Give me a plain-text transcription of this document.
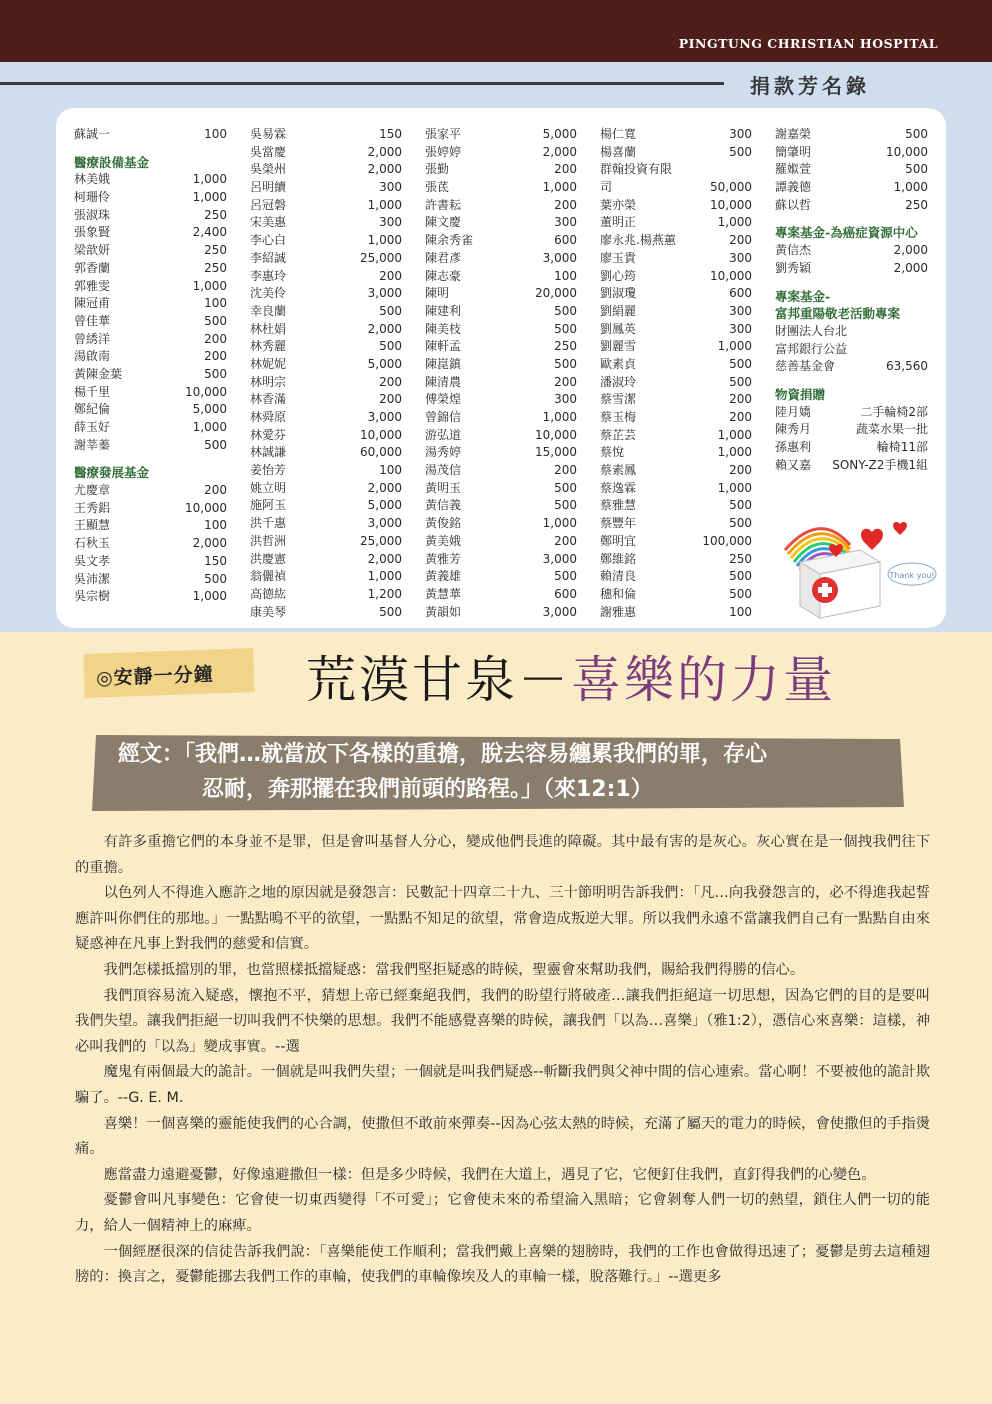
PINGTUNG CHRISTIAN HOSPITAL
捐款芳名錄
蘇誠一	100
醫療設備基金
林美娥	1,000
柯珊伶	1,000
張淑珠	250
張象賢	2,400
梁歆妍	250
郭香蘭	250
郭雅雯	1,000
陳冠甫	100
曾佳華	500
曾綉洋	200
湯啟南	200
黃陳金葉	500
楊千里	10,000
鄭紀倫	5,000
薛玉好	1,000
謝莘蓁	500
醫療發展基金
尤慶章	200
王秀鋁	10,000
王顯慧	100
石秋玉	2,000
吳文孝	150
吳沛潔	500
吳宗樹	1,000
吳易霖	150
吳當慶	2,000
吳榮州	2,000
呂明續	300
呂冠磐	1,000
宋美惠	300
李心白	1,000
李紹誠	25,000
李惠玲	200
沈美伶	3,000
幸良蘭	500
林杜娟	2,000
林秀麗	500
林妮妮	5,000
林明宗	200
林香滿	200
林舜原	3,000
林愛芬	10,000
林誠謙	60,000
姜怡芳	100
姚立明	2,000
施阿玉	5,000
洪千惠	3,000
洪哲洲	25,000
洪慶憲	2,000
翁儷禎	1,000
高德紘	1,200
康美琴	500
張家平	5,000
張婷婷	2,000
張勤	200
張茋	1,000
許書耘	200
陳文慶	300
陳余秀雀	600
陳君彥	3,000
陳志豪	100
陳明	20,000
陳建利	500
陳美枝	500
陳軒孟	250
陳崑鎮	500
陳清農	200
傅榮煌	300
曾錦信	1,000
游弘道	10,000
湯秀婷	15,000
湯茂信	200
黃明玉	500
黃信義	500
黃俊銘	1,000
黃美娥	200
黃雅芳	3,000
黃義雄	500
黃慧華	600
黃韻如	3,000
楊仁寬	300
楊喜蘭	500
群翰投資有限
司	50,000
葉亦榮	10,000
董明正	1,000
廖永兆.楊燕蕙	200
廖玉貴	300
劉心筠	10,000
劉淑瓊	600
劉絹麗	300
劉鳳英	300
劉麗雪	1,000
歐素貞	500
潘淑玲	500
蔡雪潔	200
蔡玉梅	200
蔡芷芸	1,000
蔡悅	1,000
蔡素鳳	200
蔡逸霖	1,000
蔡雅慧	500
蔡豐年	500
鄭明宜	100,000
鄭維銘	250
賴清良	500
穗和倫	500
謝雅惠	100
謝嘉榮	500
簡肇明	10,000
羅娰萱	500
譚義德	1,000
蘇以哲	250
專案基金-為癌症資源中心
黃信杰	2,000
劉秀穎	2,000
專案基金-
富邦重陽敬老活動專案
財團法人台北
富邦銀行公益
慈善基金會	63,560
物資捐贈
陸月嬌	二手輪椅2部
陳秀月	蔬菜水果一批
孫惠利	輪椅11部
賴又嘉 SONY-Z2手機1組
Thank you!
◎安靜一分鐘 荒漠甘泉－喜樂的力量
經文：「我們…就當放下各樣的重擔，脫去容易纏累我們的罪，存心
忍耐，奔那擺在我們前頭的路程。」（來12:1）

有許多重擔它們的本身並不是罪，但是會叫基督人分心，變成他們長進的障礙。其中最有害的是灰心。灰心實在是一個拽我們往下的重擔。

以色列人不得進入應許之地的原因就是發怨言：民數記十四章二十九、三十節明明告訴我們：「凡…向我發怨言的，必不得進我起誓應許叫你們住的那地。」一點點鳴不平的欲望，一點點不知足的欲望，常會造成叛逆大罪。所以我們永遠不當讓我們自己有一點點自由來疑惑神在凡事上對我們的慈愛和信實。

我們怎樣抵擋別的罪，也當照樣抵擋疑惑：當我們堅拒疑惑的時候，聖靈會來幫助我們，賜給我們得勝的信心。

我們頂容易流入疑惑，懷抱不平，猜想上帝已經棄絕我們，我們的盼望行將破產…讓我們拒絕這一切思想，因為它們的目的是要叫我們失望。讓我們拒絕一切叫我們不快樂的思想。我們不能感覺喜樂的時候，讓我們「以為…喜樂」（雅1:2），憑信心來喜樂：這樣，神必叫我們的「以為」變成事實。--選

魔鬼有兩個最大的詭計。一個就是叫我們失望；一個就是叫我們疑惑--斬斷我們與父神中間的信心連索。當心啊！不要被他的詭計欺騙了。--G. E. M.

喜樂！一個喜樂的靈能使我們的心合調，使撒但不敢前來彈奏--因為心弦太熱的時候，充滿了屬天的電力的時候，會使撒但的手指燙痛。

應當盡力遠避憂鬱，好像遠避撒但一樣：但是多少時候，我們在大道上，遇見了它，它便釘住我們，直釘得我們的心變色。

憂鬱會叫凡事變色：它會使一切東西變得「不可愛」；它會使未來的希望淪入黑暗；它會剝奪人們一切的熱望，鎖住人們一切的能力，給人一個精神上的麻痺。

一個經歷很深的信徒告訴我們說：「喜樂能使工作順利；當我們戴上喜樂的翅膀時，我們的工作也會做得迅速了；憂鬱是剪去這種翅膀的：換言之，憂鬱能挪去我們工作的車輪，使我們的車輪像埃及人的車輪一樣，脫落難行。」--選更多
